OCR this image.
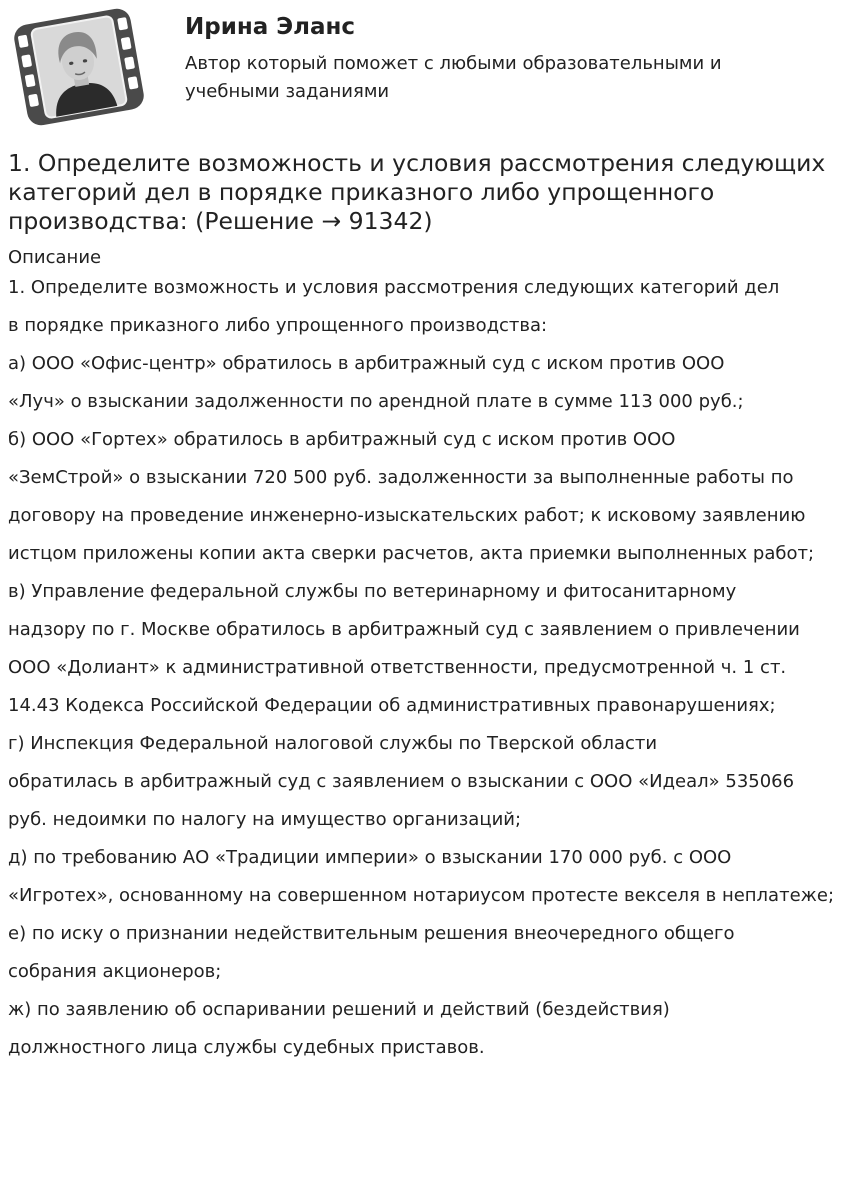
Ирина Эланс
Автор который поможет с любыми образовательными и учебными заданиями
1. Определите возможность и условия рассмотрения следующих категорий дел в порядке приказного либо упрощенного производства: (Решение → 91342)
Описание
1. Определите возможность и условия рассмотрения следующих категорий дел
в порядке приказного либо упрощенного производства:
а) ООО «Офис-центр» обратилось в арбитражный суд с иском против ООО
«Луч» о взыскании задолженности по арендной плате в сумме 113 000 руб.;
б) ООО «Гортех» обратилось в арбитражный суд с иском против ООО
«ЗемСтрой» о взыскании 720 500 руб. задолженности за выполненные работы по
договору на проведение инженерно-изыскательских работ; к исковому заявлению
истцом приложены копии акта сверки расчетов, акта приемки выполненных работ;
в) Управление федеральной службы по ветеринарному и фитосанитарному
надзору по г. Москве обратилось в арбитражный суд с заявлением о привлечении
ООО «Долиант» к административной ответственности, предусмотренной ч. 1 ст.
14.43 Кодекса Российской Федерации об административных правонарушениях;
г) Инспекция Федеральной налоговой службы по Тверской области
обратилась в арбитражный суд с заявлением о взыскании с ООО «Идеал» 535066
руб. недоимки по налогу на имущество организаций;
д) по требованию АО «Традиции империи» о взыскании 170 000 руб. с ООО
«Игротех», основанному на совершенном нотариусом протесте векселя в неплатеже;
е) по иску о признании недействительным решения внеочередного общего
собрания акционеров;
ж) по заявлению об оспаривании решений и действий (бездействия)
должностного лица службы судебных приставов.
